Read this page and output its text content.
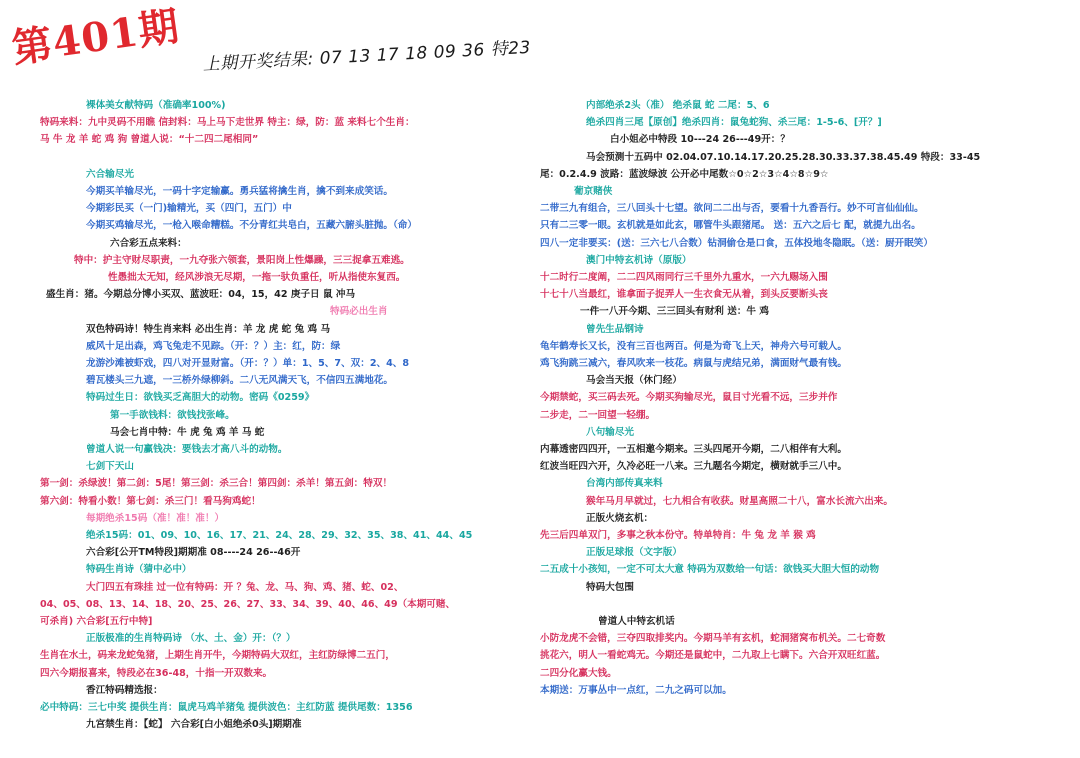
第401期 上期开奖结果: 07 13 17 18 09 36 特23
裸体美女献特码（准确率100%)
特码来料：九中灵码不用瞧 信封料：马上马下走世界 特主：绿，防：蓝 来料七个生肖：
马 牛 龙 羊 蛇 鸡 狗 曾道人说：“十二四二尾相同”
六合输尽光
今期买羊输尽光，一码十字定输赢。勇兵猛将擒生肖，擒不到来成笑话。
今期彩民买（一门)输精光，买（四门，五门）中
今期买鸡输尽光，一枪入喉命糟糕。不分青红共皂白，五藏六腑头脏抛。（命）
六合彩五点来料：
特中：护主守财尽职责，一九夺张六领套，景阳岗上性爆躁，三三捉拿五难逃。
性愚拙太无知，经风涉浪无尽期，一拖一驮负重任，听从指使东复西。
盛生肖：猪。今期总分博小买双、蓝波旺：04，15，42 庚子日 鼠 冲马
特码必出生肖
双色特码诗！特生肖来料 必出生肖：羊 龙 虎 蛇 兔 鸡 马
威风十足出森，鸡飞兔走不见踪。（开：？）主：红，防：绿
龙游沙滩被虾戏，四八对开显财富。（开：？）单：1、5、7、双：2、4、8
碧瓦楼头三九遮，一三桥外绿柳斜。二八无风满天飞，不信四五满地花。
特码过生日：欲钱买乏高胆大的动物。密码《0259》
第一手欲钱料：欲钱找张峰。
马会七肖中特：牛 虎 兔 鸡 羊 马 蛇
曾道人说一句赢钱决：要钱去才高八斗的动物。
七剑下天山
第一剑：杀绿波！第二剑：5尾！第三剑：杀三合！第四剑：杀羊！第五剑：特双！
第六剑：特看小数！第七剑：杀三门！看马狗鸡蛇！
每期绝杀15码（准！准！准！）
绝杀15码：01、09、10、16、17、21、24、28、29、32、35、38、41、44、45
六合彩[公开TM特段]期期准 08----24 26--46开
特码生肖诗（猜中必中）
大门四五有珠挂 过一位有特码：开 ？兔、龙、马、狗、鸡、猪、蛇、02、
04、05、08、13、14、18、20、25、26、27、33、34、39、40、46、49（本期可赌、
可杀肖) 六合彩[五行中特]
正版极准的生肖特码诗 （水、土、金）开：（？）
生肖在水土，码来龙蛇兔猪，上期生肖开牛，今期特码大双红，主红防绿博二五门，
四六今期报喜来，特段必在36-48，十指一开双数来。
香江特码精选报：
必中特码：三七中奖 提供生肖：鼠虎马鸡羊猪兔 提供波色：主红防蓝 提供尾数：1356
九宫禁生肖：【蛇】 六合彩[白小姐绝杀0头]期期准
内部绝杀2头（准） 绝杀鼠 蛇 二尾：5、6
绝杀四肖三尾【原创】绝杀四肖：鼠兔蛇狗、杀三尾：1-5-6、[开？]
白小姐必中特段 10---24 26---49开：？
马会预测十五码中 02.04.07.10.14.17.20.25.28.30.33.37.38.45.49 特段：33-45
尾：0.2.4.9 波路：蓝波绿波 公开必中尾数☆0☆2☆3☆4☆8☆9☆
葡京赌侠
二带三九有组合，三八回头十七望。欲问二二出与否，要看十九香吾行。妙不可言仙仙仙。
只有二三零一眼。玄机就是如此玄，哪管牛头跟猪尾。 送：五六之后七 配，就提九出名。
四八一定非要买：(送：三六七八合数）钻洞偷仓是口食，五体投地冬隐眠。（送：厨开眠笑）
澳门中特玄机诗（原版）
十二时行二度阐，二二四风雨同行三千里外九重水，一六九赐场入围
十七十八当最红，谁拿面子捉弄人一生衣食无从着，到头反要断头丧
一件一八开今期、三三回头有财利 送：牛 鸡
曾先生品钢诗
龟年鹤寿长又长，没有三百也两百。何是为奇飞上天，神舟六号可载人。
鸡飞狗跳三减六，春风吹来一枝花。病鼠与虎结兄弟，满面财气最有钱。
马会当天报（休门经）
今期禁蛇，买三码去死。今期买狗输尽光，鼠目寸光看不远，三步并作
二步走，二一回望一轻绷。
八句输尽光
内幕透密四四开，一五相邀今期来。三头四尾开今期，二八相伴有大利。
红波当旺四六开，久冷必旺一八来。三九题名今期定，横财就手三八中。
台湾内部传真来料
猴年马月早就过，七九相合有收获。财星高照二十八，富水长流六出来。
正版火烧玄机：
先三后四单双门，多事之秋本份守。特单特肖：牛 兔 龙 羊 猴 鸡
正版足球报（文字版）
二五成十小孩知，一定不可太大意 特码为双数给一句话：欲钱买大胆大恒的动物
特码大包围
曾道人中特玄机话
小防龙虎不会错，三夺四取排奖内。今期马羊有玄机，蛇洞猪窝布机关。二七奇数
挑花六，明人一看蛇鸡无。今期还是鼠蛇中，二九取上七瞒下。六合开双旺红蓝。
二四分化赢大钱。
本期送：万事丛中一点红，二九之码可以加。
